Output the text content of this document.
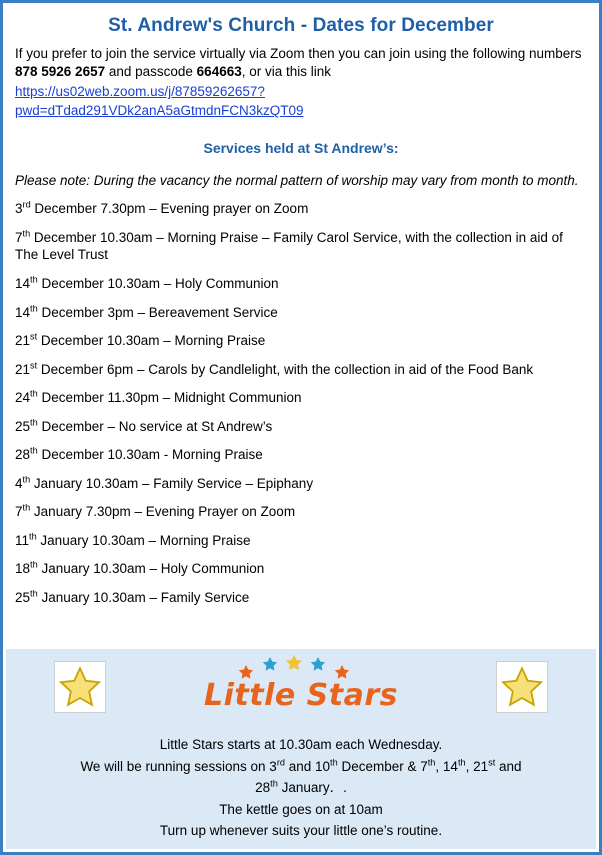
St. Andrew's Church - Dates for December

If you prefer to join the service virtually via Zoom then you can join using the following numbers 878 5926 2657 and passcode 664663, or via this link

https://us02web.zoom.us/j/87859262657?
pwd=dTdad291VDk2anA5aGtmdnFCN3kzQT09
Services held at St Andrew’s:

Please note: During the vacancy the normal pattern of worship may vary from month to month.

3rd December 7.30pm – Evening prayer on Zoom
7th December 10.30am – Morning Praise – Family Carol Service, with the collection in aid of The Level Trust
14th December 10.30am – Holy Communion
14th December 3pm – Bereavement Service
21st December 10.30am – Morning Praise
21st December 6pm – Carols by Candlelight, with the collection in aid of the Food Bank
24th December 11.30pm – Midnight Communion
25th December – No service at St Andrew’s
28th December 10.30am - Morning Praise
4th January 10.30am – Family Service – Epiphany
7th January 7.30pm – Evening Prayer on Zoom
11th January 10.30am – Morning Praise
18th January 10.30am – Holy Communion
25th January 10.30am – Family Service
Little Stars
Little Stars starts at 10.30am each Wednesday.
We will be running sessions on 3rd and 10th December & 7th, 14th, 21st and
28th January．.
The kettle goes on at 10am
Turn up whenever suits your little one’s routine.
